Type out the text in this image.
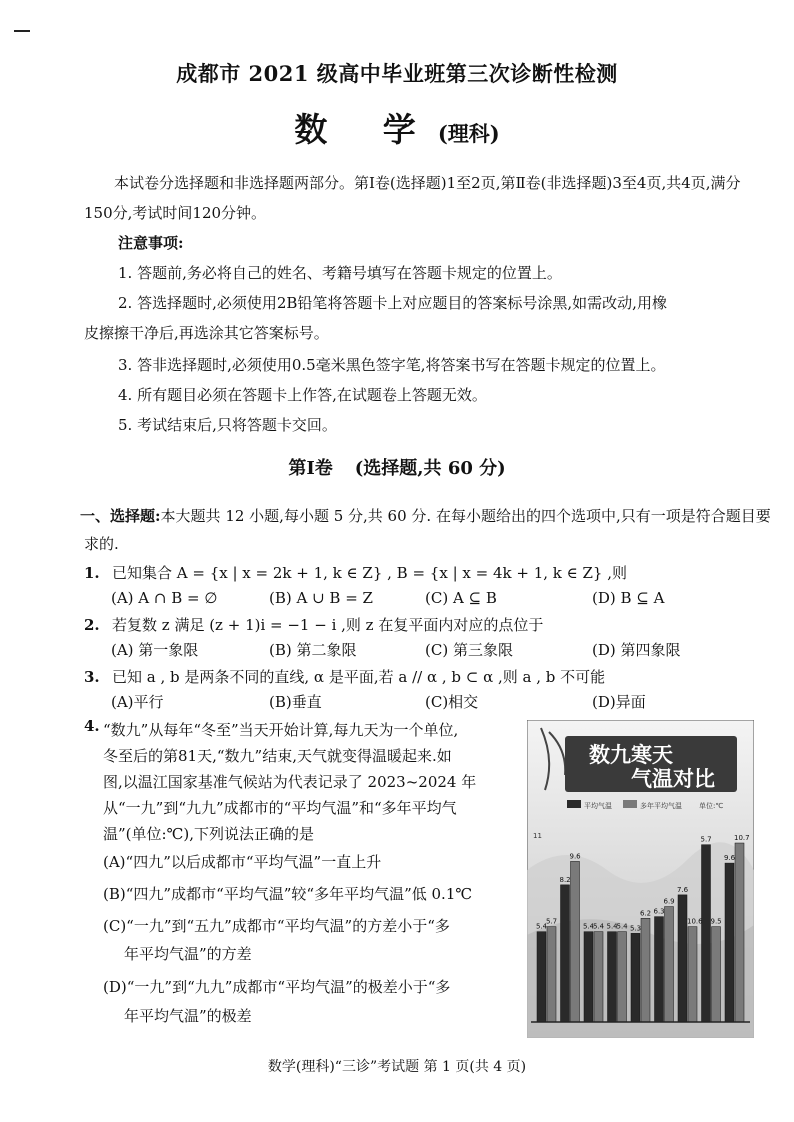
成都市 2021 级高中毕业班第三次诊断性检测
数 学(理科)
本试卷分选择题和非选择题两部分。第Ⅰ卷(选择题)1至2页,第Ⅱ卷(非选择题)3至4页,共4页,满分150分,考试时间120分钟。
注意事项:
1. 答题前,务必将自己的姓名、考籍号填写在答题卡规定的位置上。
2. 答选择题时,必须使用2B铅笔将答题卡上对应题目的答案标号涂黑,如需改动,用橡
皮擦擦干净后,再选涂其它答案标号。
3. 答非选择题时,必须使用0.5毫米黑色签字笔,将答案书写在答题卡规定的位置上。
4. 所有题目必须在答题卡上作答,在试题卷上答题无效。
5. 考试结束后,只将答题卡交回。
第Ⅰ卷 (选择题,共 60 分)
一、选择题:本大题共 12 小题,每小题 5 分,共 60 分. 在每小题给出的四个选项中,只有一项是符合题目要求的.
1. 已知集合 A = {x | x = 2k + 1, k ∈ Z} , B = {x | x = 4k + 1, k ∈ Z} ,则
(A) A ∩ B = ∅	(B) A ∪ B = Z	(C) A ⊆ B	(D) B ⊆ A
2. 若复数 z 满足 (z + 1)i = −1 − i ,则 z 在复平面内对应的点位于
(A) 第一象限	(B) 第二象限	(C) 第三象限	(D) 第四象限
3. 已知 a , b 是两条不同的直线, α 是平面,若 a // α , b ⊂ α ,则 a , b 不可能
(A)平行	(B)垂直	(C)相交	(D)异面
4. “数九”从每年“冬至”当天开始计算,每九天为一个单位,
冬至后的第81天,“数九”结束,天气就变得温暖起来.如
图,以温江国家基准气候站为代表记录了 2023~2024 年
从“一九”到“九九”成都市的“平均气温”和“多年平均气
温”(单位:℃),下列说法正确的是
(A)“四九”以后成都市“平均气温”一直上升
(B)“四九”成都市“平均气温”较“多年平均气温”低 0.1℃
(C)“一九”到“五九”成都市“平均气温”的方差小于“多
年平均气温”的方差
(D)“一九”到“九九”成都市“平均气温”的极差小于“多
年平均气温”的极差
数九寒天
气温对比
平均气温	多年平均气温 单位:℃
11
5.4
5.7
8.2
9.6
5.4
5.4 5.4
5.4 5.3
6.2 6.3
6.9
7.6
10.6
5.7
9.5
9.6
10.7
数学(理科)“三诊”考试题 第 1 页(共 4 页)
